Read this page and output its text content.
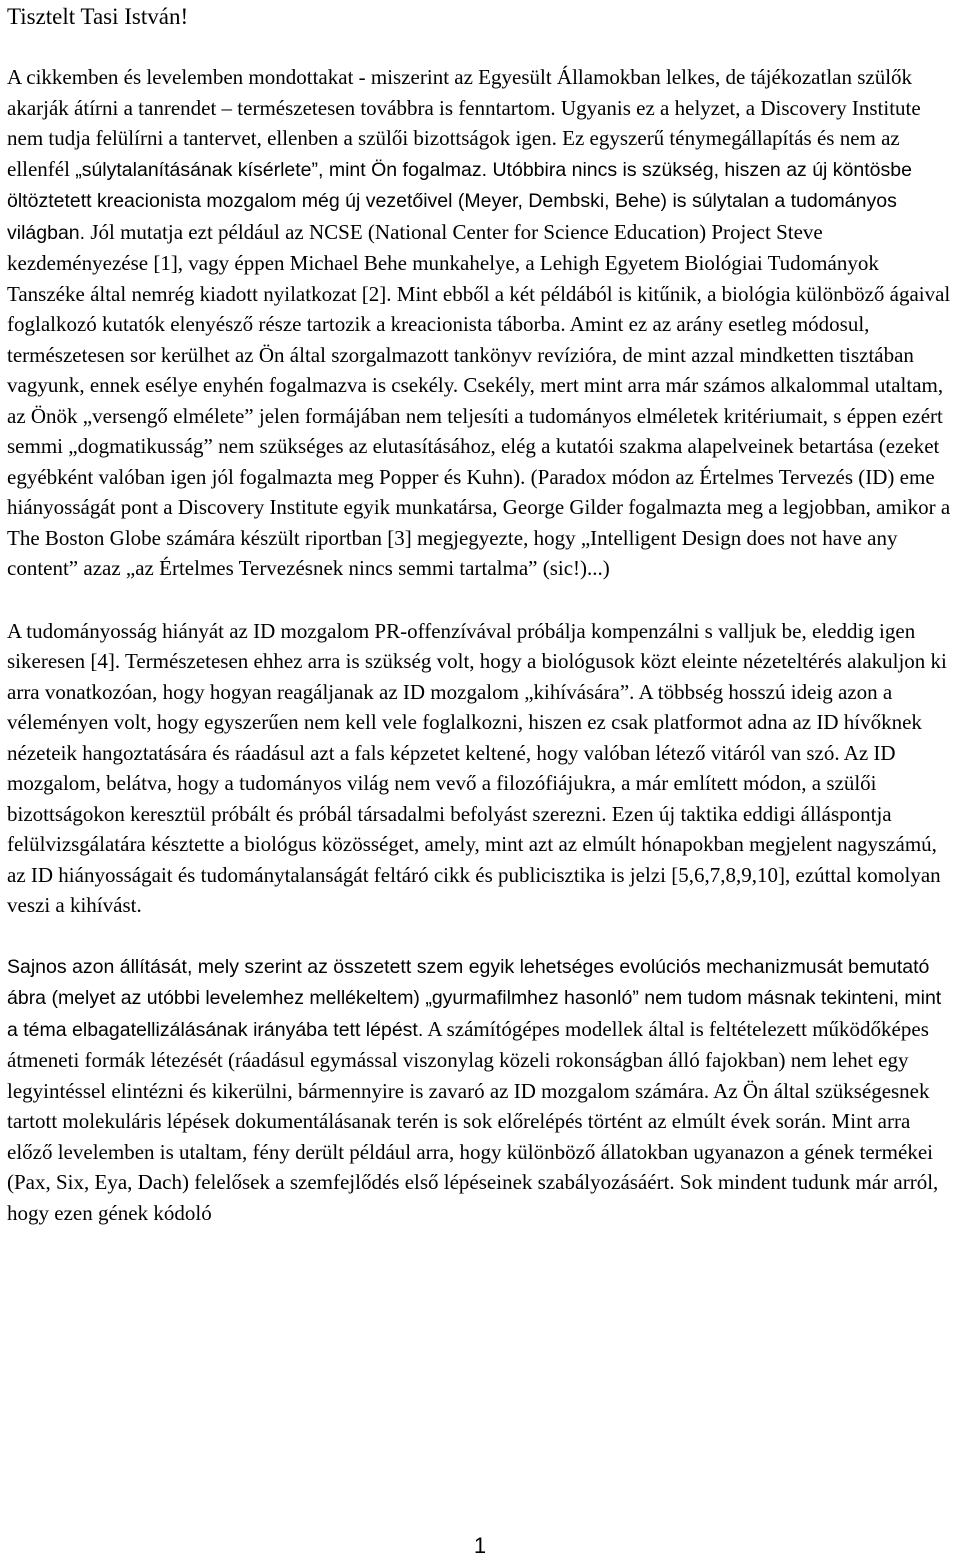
Tisztelt Tasi István!

A cikkemben és levelemben mondottakat - miszerint az Egyesült Államokban lelkes, de tájékozatlan szülők akarják átírni a tanrendet – természetesen továbbra is fenntartom. Ugyanis ez a helyzet, a Discovery Institute nem tudja felülírni a tantervet, ellenben a szülői bizottságok igen. Ez egyszerű ténymegállapítás és nem az ellenfél „súlytalanításának kísérlete”, mint Ön fogalmaz. Utóbbira nincs is szükség, hiszen az új köntösbe öltöztetett kreacionista mozgalom még új vezetőivel (Meyer, Dembski, Behe) is súlytalan a tudományos világban. Jól mutatja ezt például az NCSE (National Center for Science Education) Project Steve kezdeményezése [1], vagy éppen Michael Behe munkahelye, a Lehigh Egyetem Biológiai Tudományok Tanszéke által nemrég kiadott nyilatkozat [2]. Mint ebből a két példából is kitűnik, a biológia különböző ágaival foglalkozó kutatók elenyésző része tartozik a kreacionista táborba. Amint ez az arány esetleg módosul, természetesen sor kerülhet az Ön által szorgalmazott tankönyv revízióra, de mint azzal mindketten tisztában vagyunk, ennek esélye enyhén fogalmazva is csekély. Csekély, mert mint arra már számos alkalommal utaltam, az Önök „versengő elmélete” jelen formájában nem teljesíti a tudományos elméletek kritériumait, s éppen ezért semmi „dogmatikusság” nem szükséges az elutasításához, elég a kutatói szakma alapelveinek betartása (ezeket egyébként valóban igen jól fogalmazta meg Popper és Kuhn). (Paradox módon az Értelmes Tervezés (ID) eme hiányosságát pont a Discovery Institute egyik munkatársa, George Gilder fogalmazta meg a legjobban, amikor a The Boston Globe számára készült riportban [3] megjegyezte, hogy „Intelligent Design does not have any content” azaz „az Értelmes Tervezésnek nincs semmi tartalma” (sic!)...)

A tudományosság hiányát az ID mozgalom PR-offenzívával próbálja kompenzálni s valljuk be, eleddig igen sikeresen [4]. Természetesen ehhez arra is szükség volt, hogy a biológusok közt eleinte nézeteltérés alakuljon ki arra vonatkozóan, hogy hogyan reagáljanak az ID mozgalom „kihívására”. A többség hosszú ideig azon a véleményen volt, hogy egyszerűen nem kell vele foglalkozni, hiszen ez csak platformot adna az ID hívőknek nézeteik hangoztatására és ráadásul azt a fals képzetet keltené, hogy valóban létező vitáról van szó. Az ID mozgalom, belátva, hogy a tudományos világ nem vevő a filozófiájukra, a már említett módon, a szülői bizottságokon keresztül próbált és próbál társadalmi befolyást szerezni. Ezen új taktika eddigi álláspontja felülvizsgálatára késztette a biológus közösséget, amely, mint azt az elmúlt hónapokban megjelent nagyszámú, az ID hiányosságait és tudománytalanságát feltáró cikk és publicisztika is jelzi [5,6,7,8,9,10], ezúttal komolyan veszi a kihívást.

Sajnos azon állítását, mely szerint az összetett szem egyik lehetséges evolúciós mechanizmusát bemutató ábra (melyet az utóbbi levelemhez mellékeltem) „gyurmafilmhez hasonló” nem tudom másnak tekinteni, mint a téma elbagatellizálásának irányába tett lépést. A számítógépes modellek által is feltételezett működőképes átmeneti formák létezését (ráadásul egymással viszonylag közeli rokonságban álló fajokban) nem lehet egy legyintéssel elintézni és kikerülni, bármennyire is zavaró az ID mozgalom számára. Az Ön által szükségesnek tartott molekuláris lépések dokumentálásanak terén is sok előrelépés történt az elmúlt évek során. Mint arra előző levelemben is utaltam, fény derült például arra, hogy különböző állatokban ugyanazon a gének termékei (Pax, Six, Eya, Dach) felelősek a szemfejlődés első lépéseinek szabályozásáért. Sok mindent tudunk már arról, hogy ezen gének kódoló

1
